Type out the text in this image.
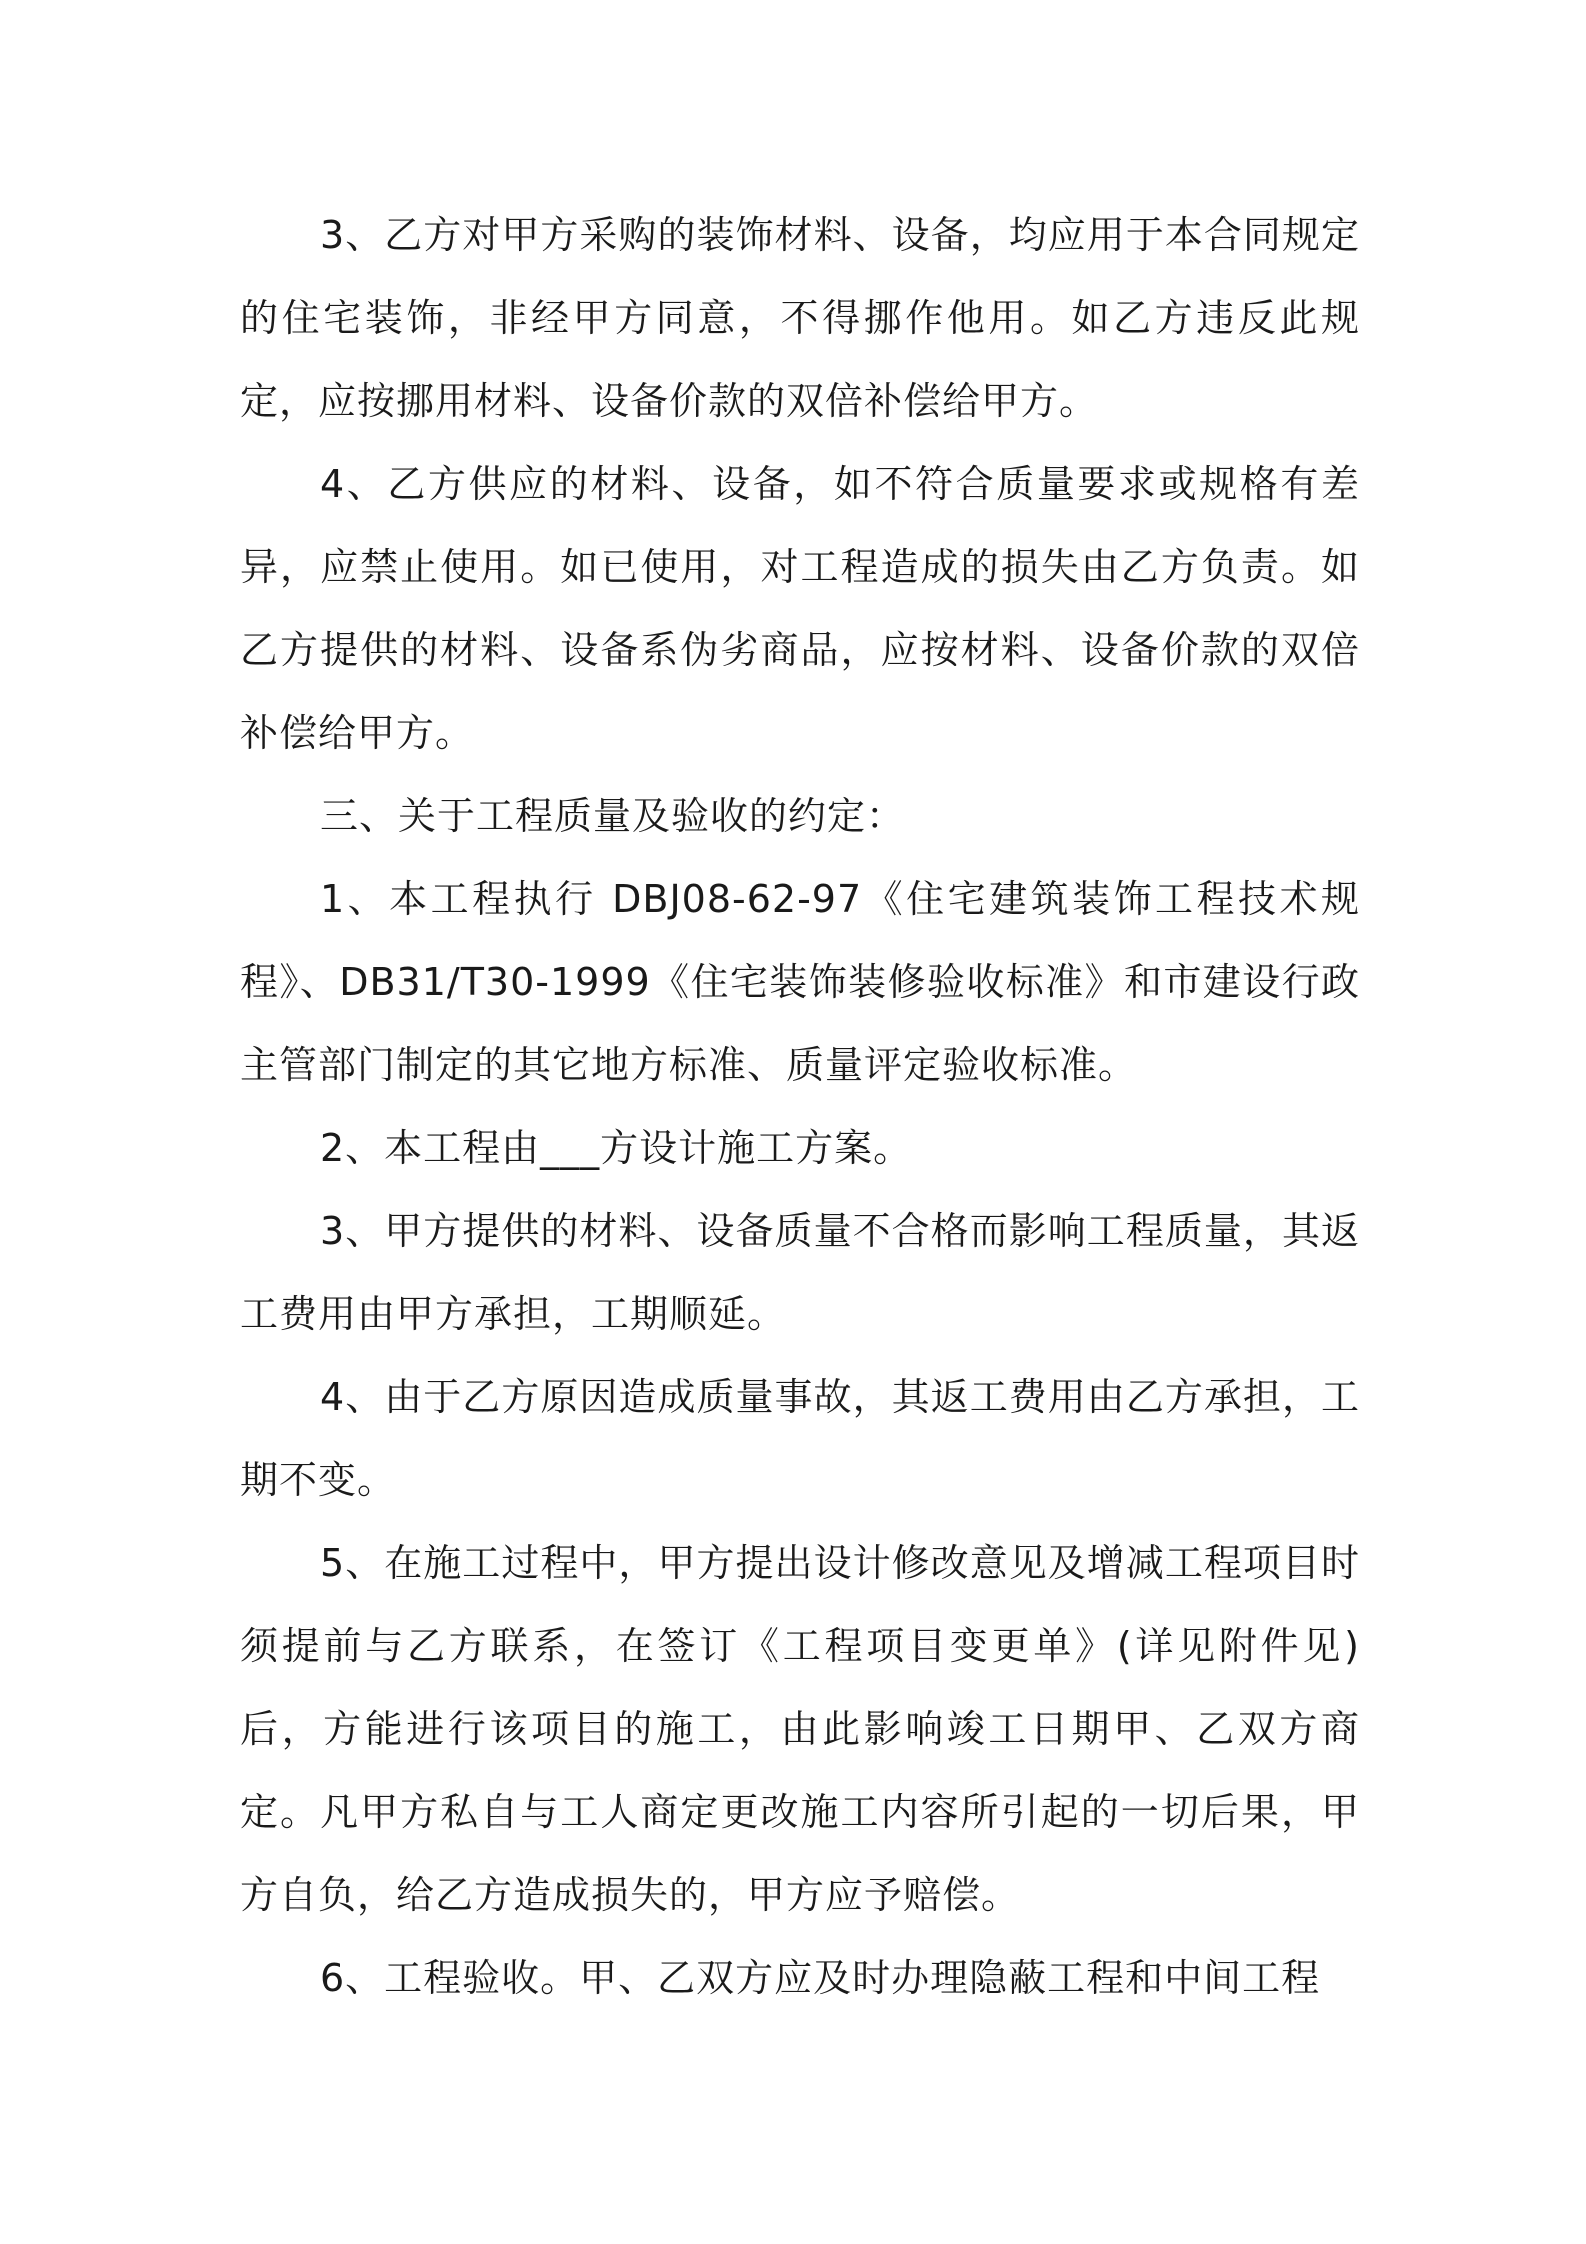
3、乙方对甲方采购的装饰材料、设备，均应用于本合同规定的住宅装饰，非经甲方同意，不得挪作他用。如乙方违反此规定，应按挪用材料、设备价款的双倍补偿给甲方。

4、乙方供应的材料、设备，如不符合质量要求或规格有差异，应禁止使用。如已使用，对工程造成的损失由乙方负责。如乙方提供的材料、设备系伪劣商品，应按材料、设备价款的双倍补偿给甲方。

三、关于工程质量及验收的约定：

1、本工程执行 DBJ08-62-97《住宅建筑装饰工程技术规程》、DB31/T30-1999《住宅装饰装修验收标准》和市建设行政主管部门制定的其它地方标准、质量评定验收标准。

2、本工程由___方设计施工方案。

3、甲方提供的材料、设备质量不合格而影响工程质量，其返工费用由甲方承担，工期顺延。

4、由于乙方原因造成质量事故，其返工费用由乙方承担，工期不变。

5、在施工过程中，甲方提出设计修改意见及增减工程项目时须提前与乙方联系，在签订《工程项目变更单》(详见附件见)后，方能进行该项目的施工，由此影响竣工日期甲、乙双方商定。凡甲方私自与工人商定更改施工内容所引起的一切后果，甲方自负，给乙方造成损失的，甲方应予赔偿。

6、工程验收。甲、乙双方应及时办理隐蔽工程和中间工程
